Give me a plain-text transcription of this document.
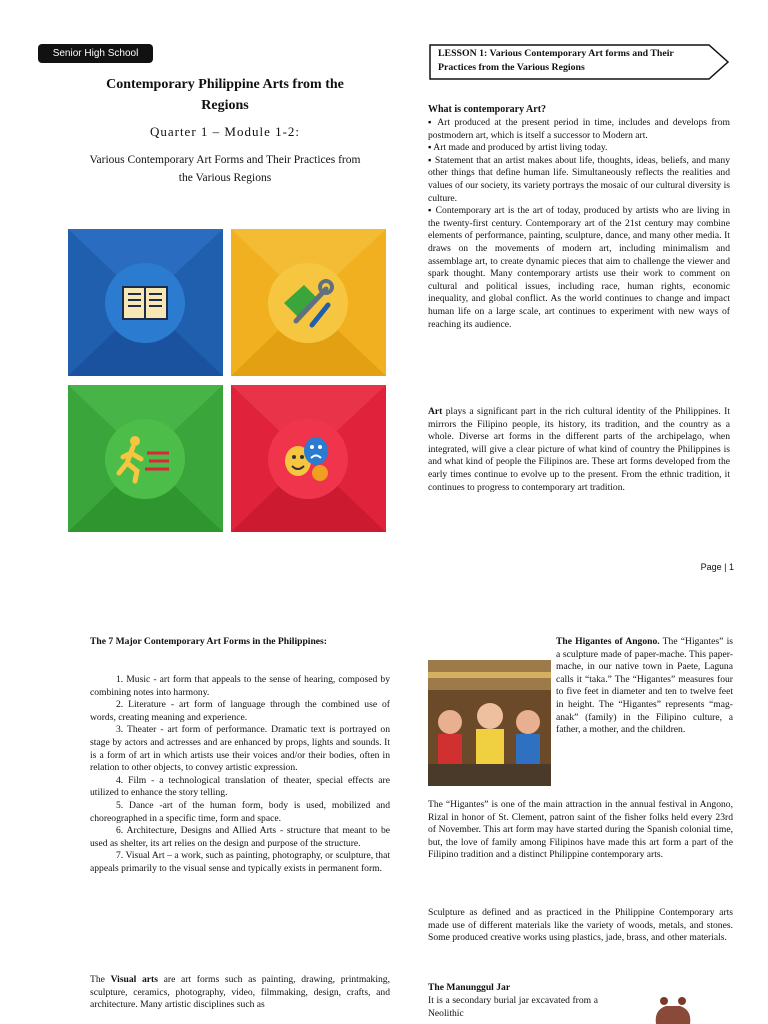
Senior High School
Contemporary Philippine Arts from the Regions
Quarter 1 – Module 1-2:
Various Contemporary Art Forms and Their Practices from the Various Regions
LESSON 1: Various Contemporary Art forms and Their Practices from the Various Regions
What is contemporary Art?
▪ Art produced at the present period in time, includes and develops from postmodern art, which is itself a successor to Modern art.
▪ Art made and produced by artist living today.
▪ Statement that an artist makes about life, thoughts, ideas, beliefs, and many other things that define human life. Simultaneously reflects the realities and values of our society, its variety portrays the mosaic of our cultural diversity is culture.
▪ Contemporary art is the art of today, produced by artists who are living in the twenty-first century. Contemporary art of the 21st century may combine elements of performance, painting, sculpture, dance, and many other media. It draws on the movements of modern art, including minimalism and assemblage art, to create dynamic pieces that aim to challenge the viewer and spark thought. Many contemporary artists use their work to comment on cultural and political issues, including race, human rights, economic inequality, and global conflict. As the world continues to change and impact human life on a large scale, art continues to experiment with new ways of reaching its audience.
Art plays a significant part in the rich cultural identity of the Philippines. It mirrors the Filipino people, its history, its tradition, and the country as a whole. Diverse art forms in the different parts of the archipelago, when integrated, will give a clear picture of what kind of country the Philippines is and what kind of people the Filipinos are. These art forms developed from the early times continue to evolve up to the present. From the ethnic tradition, it continues to progress to contemporary art tradition.
Page | 1
The 7 Major Contemporary Art Forms in the Philippines:
1. Music - art form that appeals to the sense of hearing, composed by combining notes into harmony.
2. Literature - art form of language through the combined use of words, creating meaning and experience.
3. Theater - art form of performance. Dramatic text is portrayed on stage by actors and actresses and are enhanced by props, lights and sounds. It is a form of art in which artists use their voices and/or their bodies, often in relation to other objects, to convey artistic expression.
4. Film - a technological translation of theater, special effects are utilized to enhance the story telling.
5. Dance -art of the human form, body is used, mobilized and choreographed in a specific time, form and space.
6. Architecture, Designs and Allied Arts - structure that meant to be used as shelter, its art relies on the design and purpose of the structure.
7. Visual Art – a work, such as painting, photography, or sculpture, that appeals primarily to the visual sense and typically exists in permanent form.
The Visual arts are art forms such as painting, drawing, printmaking, sculpture, ceramics, photography, video, filmmaking, design, crafts, and architecture. Many artistic disciplines such as
The Higantes of Angono. The “Higantes” is a sculpture made of paper-mache. This paper-mache, in our native town in Paete, Laguna calls it “taka.” The “Higantes” measures four to five feet in diameter and ten to twelve feet in height. The “Higantes” represents “mag-anak” (family) in the Filipino culture, a father, a mother, and the children.
The “Higantes” is one of the main attraction in the annual festival in Angono, Rizal in honor of St. Clement, patron saint of the fisher folks held every 23rd of November. This art form may have started during the Spanish colonial time, but, the love of family among Filipinos have made this art form a part of the Filipino tradition and a distinct Philippine contemporary arts.
Sculpture as defined and as practiced in the Philippine Contemporary arts made use of different materials like the variety of woods, metals, and stones. Some produced creative works using plastics, jade, brass, and other materials.
The Manunggul Jar
It is a secondary burial jar excavated from a Neolithic
